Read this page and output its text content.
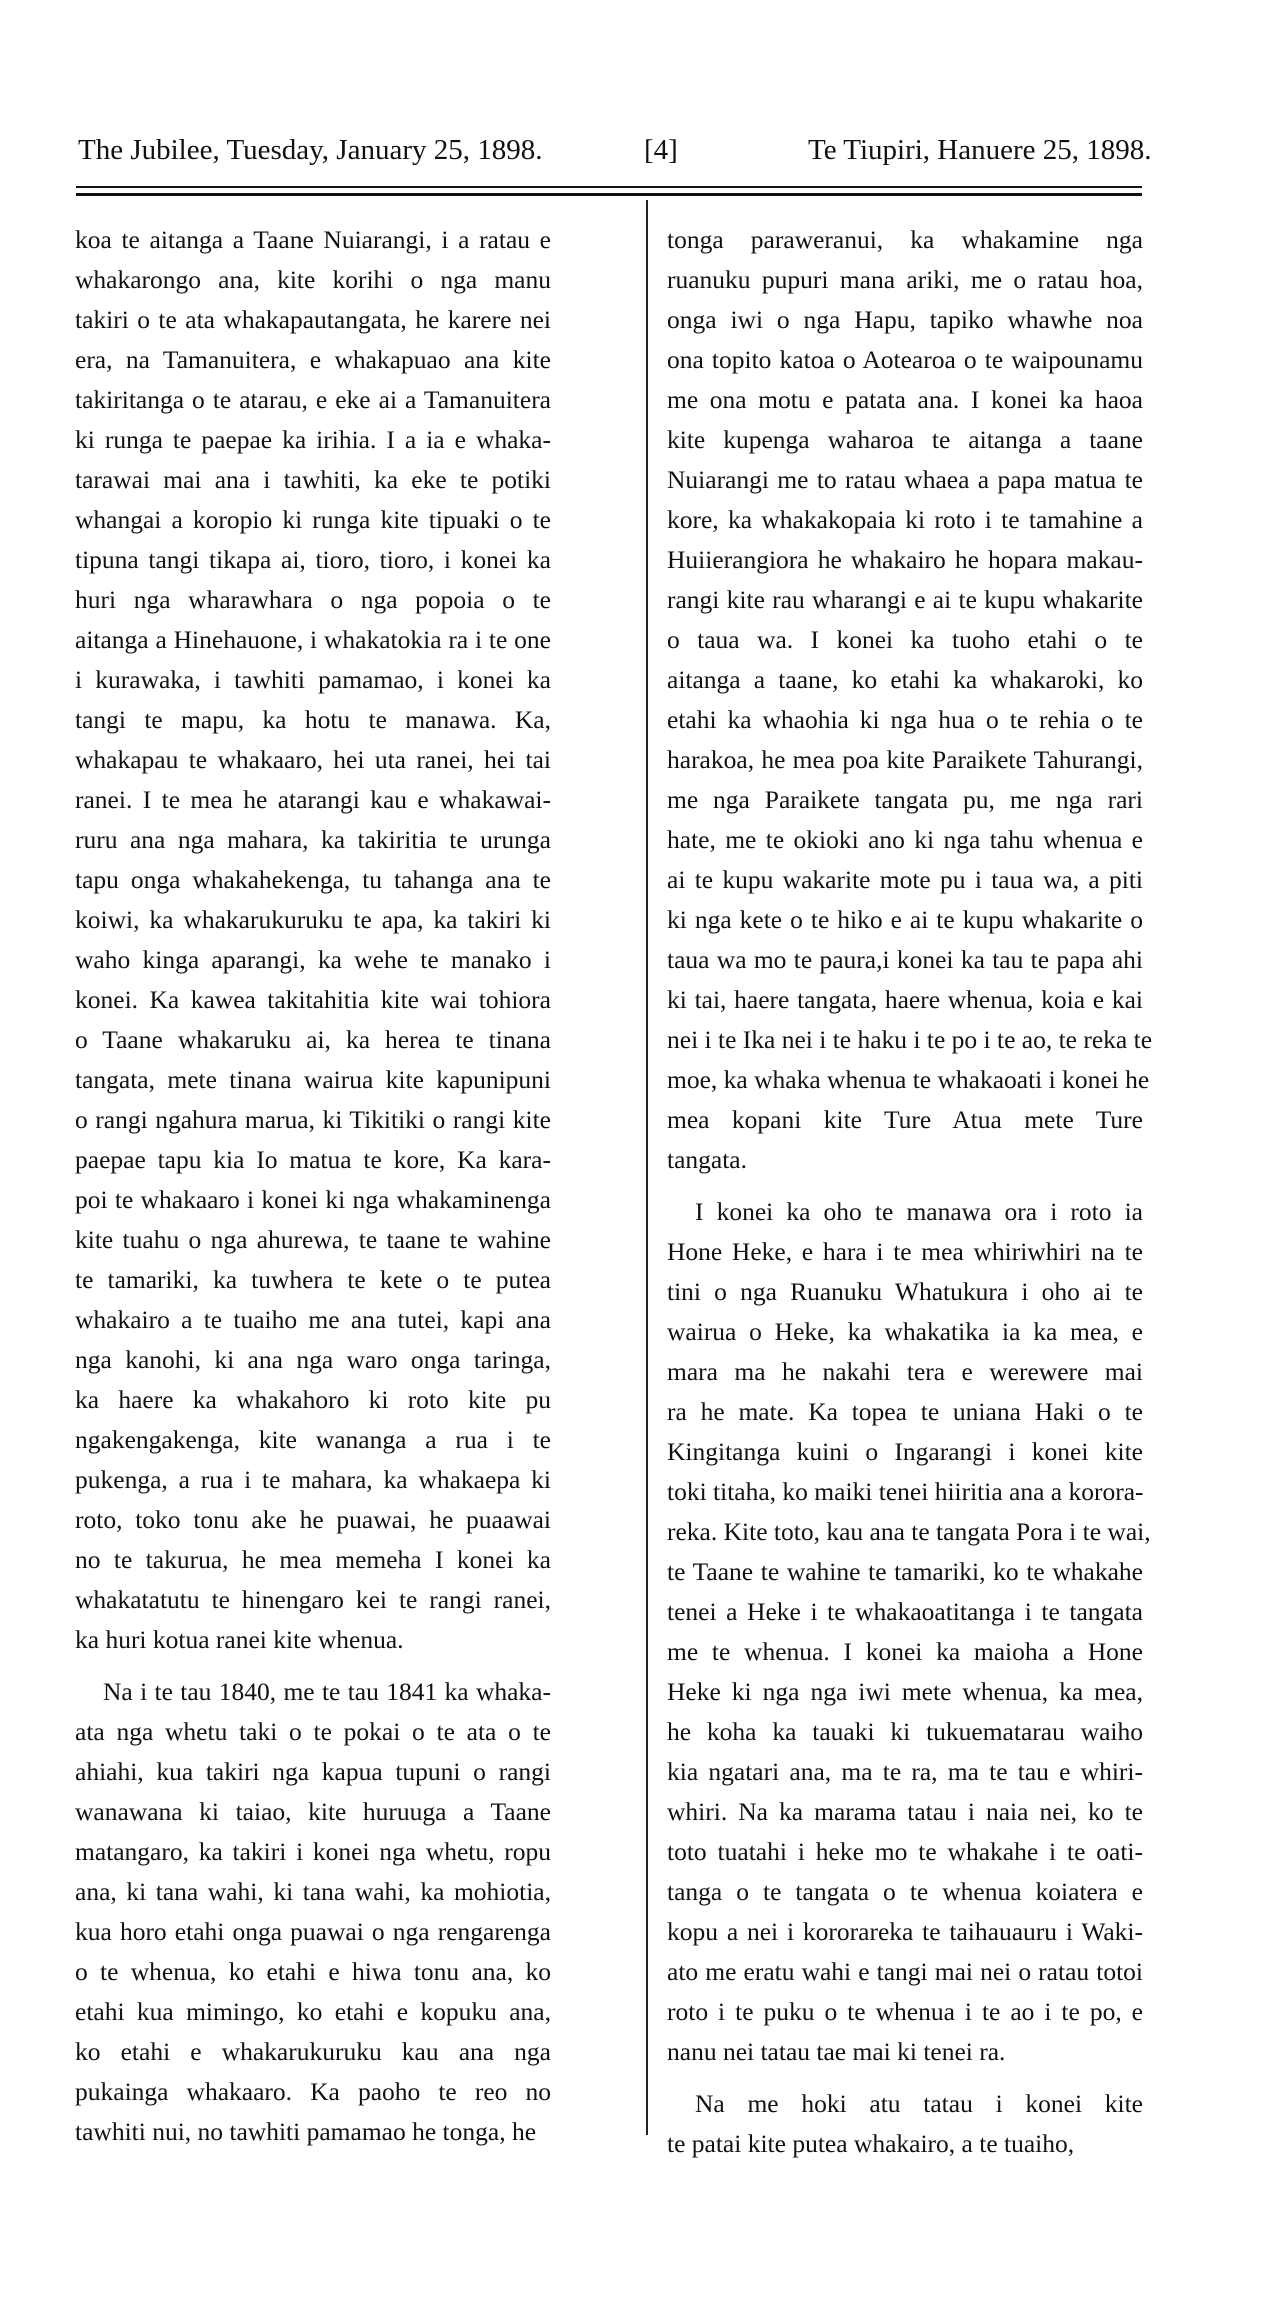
The Jubilee, Tuesday, January 25, 1898.	[4]	Te Tiupiri, Hanuere 25, 1898.
koa te aitanga a Taane Nuiarangi, i a ratau e
whakarongo ana, kite korihi o nga manu
takiri o te ata whakapautangata, he karere nei
era, na Tamanuitera, e whakapuao ana kite
takiritanga o te atarau, e eke ai a Tamanuitera
ki runga te paepae ka irihia. I a ia e whaka-
tarawai mai ana i tawhiti, ka eke te potiki
whangai a koropio ki runga kite tipuaki o te
tipuna tangi tikapa ai, tioro, tioro, i konei ka
huri nga wharawhara o nga popoia o te
aitanga a Hinehauone, i whakatokia ra i te one
i kurawaka, i tawhiti pamamao, i konei ka
tangi te mapu, ka hotu te manawa. Ka,
whakapau te whakaaro, hei uta ranei, hei tai
ranei. I te mea he atarangi kau e whakawai-
ruru ana nga mahara, ka takiritia te urunga
tapu onga whakahekenga, tu tahanga ana te
koiwi, ka whakarukuruku te apa, ka takiri ki
waho kinga aparangi, ka wehe te manako i
konei. Ka kawea takitahitia kite wai tohiora
o Taane whakaruku ai, ka herea te tinana
tangata, mete tinana wairua kite kapunipuni
o rangi ngahura marua, ki Tikitiki o rangi kite
paepae tapu kia Io matua te kore, Ka kara-
poi te whakaaro i konei ki nga whakaminenga
kite tuahu o nga ahurewa, te taane te wahine
te tamariki, ka tuwhera te kete o te putea
whakairo a te tuaiho me ana tutei, kapi ana
nga kanohi, ki ana nga waro onga taringa,
ka haere ka whakahoro ki roto kite pu
ngakengakenga, kite wananga a rua i te
pukenga, a rua i te mahara, ka whakaepa ki
roto, toko tonu ake he puawai, he puaawai
no te takurua, he mea memeha I konei ka
whakatatutu te hinengaro kei te rangi ranei,
ka huri kotua ranei kite whenua.
Na i te tau 1840, me te tau 1841 ka whaka-
ata nga whetu taki o te pokai o te ata o te
ahiahi, kua takiri nga kapua tupuni o rangi
wanawana ki taiao, kite huruuga a Taane
matangaro, ka takiri i konei nga whetu, ropu
ana, ki tana wahi, ki tana wahi, ka mohiotia,
kua horo etahi onga puawai o nga rengarenga
o te whenua, ko etahi e hiwa tonu ana, ko
etahi kua mimingo, ko etahi e kopuku ana,
ko etahi e whakarukuruku kau ana nga
pukainga whakaaro. Ka paoho te reo no
tawhiti nui, no tawhiti pamamao he tonga, he
tonga paraweranui, ka whakamine nga
ruanuku pupuri mana ariki, me o ratau hoa,
onga iwi o nga Hapu, tapiko whawhe noa
ona topito katoa o Aotearoa o te waipounamu
me ona motu e patata ana. I konei ka haoa
kite kupenga waharoa te aitanga a taane
Nuiarangi me to ratau whaea a papa matua te
kore, ka whakakopaia ki roto i te tamahine a
Huiierangiora he whakairo he hopara makau-
rangi kite rau wharangi e ai te kupu whakarite
o taua wa. I konei ka tuoho etahi o te
aitanga a taane, ko etahi ka whakaroki, ko
etahi ka whaohia ki nga hua o te rehia o te
harakoa, he mea poa kite Paraikete Tahurangi,
me nga Paraikete tangata pu, me nga rari
hate, me te okioki ano ki nga tahu whenua e
ai te kupu wakarite mote pu i taua wa, a piti
ki nga kete o te hiko e ai te kupu whakarite o
taua wa mo te paura,i konei ka tau te papa ahi
ki tai, haere tangata, haere whenua, koia e kai
nei i te Ika nei i te haku i te po i te ao, te reka te
moe, ka whaka whenua te whakaoati i konei he
mea kopani kite Ture Atua mete Ture
tangata.
I konei ka oho te manawa ora i roto ia
Hone Heke, e hara i te mea whiriwhiri na te
tini o nga Ruanuku Whatukura i oho ai te
wairua o Heke, ka whakatika ia ka mea, e
mara ma he nakahi tera e werewere mai
ra he mate. Ka topea te uniana Haki o te
Kingitanga kuini o Ingarangi i konei kite
toki titaha, ko maiki tenei hiiritia ana a kororа-
reka. Kite toto, kau ana te tangata Pora i te wai,
te Taane te wahine te tamariki, ko te whakahe
tenei a Heke i te whakaoatitanga i te tangata
me te whenua. I konei ka maioha a Hone
Heke ki nga nga iwi mete whenua, ka mea,
he koha ka tauaki ki tukuematarau waiho
kia ngatari ana, ma te ra, ma te tau e whiri-
whiri. Na ka marama tatau i naia nei, ko te
toto tuatahi i heke mo te whakahe i te oati-
tanga o te tangata o te whenua koiatera e
kopu a nei i kororareka te taihauauru i Waki-
ato me eratu wahi e tangi mai nei o ratau totoi
roto i te puku o te whenua i te ao i te po, e
nanu nei tatau tae mai ki tenei ra.
Na me hoki atu tatau i konei kite
te patai kite putea whakairo, a te tuaiho,
